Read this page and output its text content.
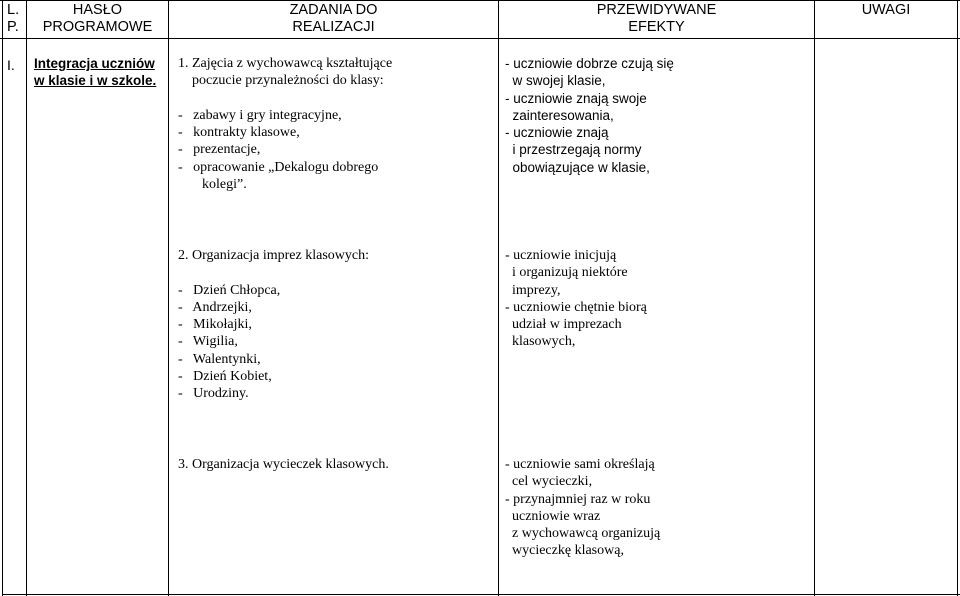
L.
P.
HASŁO
PROGRAMOWE
ZADANIA DO
REALIZACJI
PRZEWIDYWANE
EFEKTY
UWAGI
I. Integracja uczniów
w klasie i w szkole.
1. Zajęcia z wychowawcą kształtujące
poczucie przynależności do klasy:
-   zabawy i gry integracyjne,
-   kontrakty klasowe,
-   prezentacje,
-   opracowanie „Dekalogu dobrego
kolegi”.
- uczniowie dobrze czują się
w swojej klasie,
- uczniowie znają swoje
zainteresowania,
- uczniowie znają
i przestrzegają normy
obowiązujące w klasie,
2. Organizacja imprez klasowych:
-   Dzień Chłopca,
-   Andrzejki,
-   Mikołajki,
-   Wigilia,
-   Walentynki,
-   Dzień Kobiet,
-   Urodziny.
- uczniowie inicjują
i organizują niektóre
imprezy,
- uczniowie chętnie biorą
udział w imprezach
klasowych,
3. Organizacja wycieczek klasowych.	- uczniowie sami określają
cel wycieczki,
- przynajmniej raz w roku
uczniowie wraz
z wychowawcą organizują
wycieczkę klasową,
